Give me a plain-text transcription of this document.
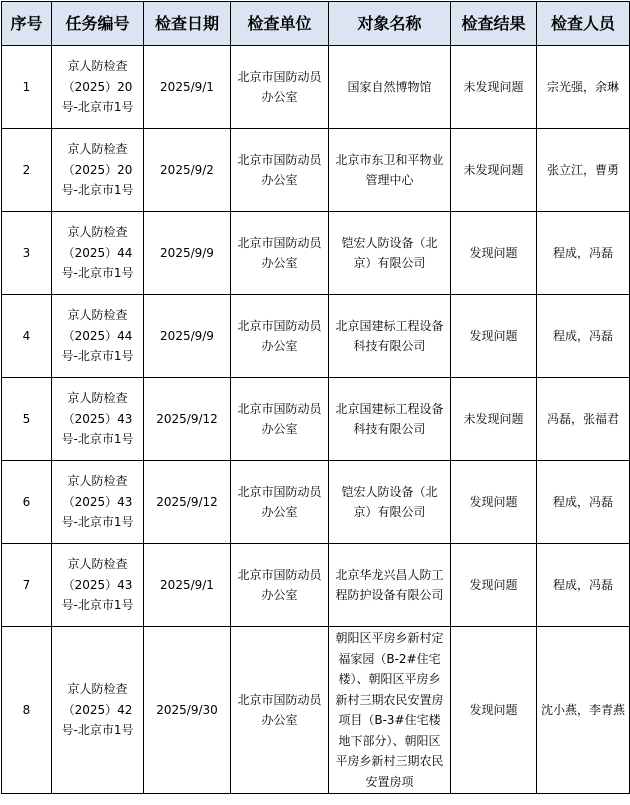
序号	任务编号	检查日期	检查单位	对象名称	检查结果	检查人员
1	京人防检查（2025）20号-北京市1号	2025/9/1	北京市国防动员办公室	国家自然博物馆	未发现问题	宗光强，余琳
2	京人防检查（2025）20号-北京市1号	2025/9/2	北京市国防动员办公室	北京市东卫和平物业管理中心	未发现问题	张立江，曹勇
3	京人防检查（2025）44号-北京市1号	2025/9/9	北京市国防动员办公室	铠宏人防设备（北京）有限公司	发现问题	程成，冯磊
4	京人防检查（2025）44号-北京市1号	2025/9/9	北京市国防动员办公室	北京国建标工程设备科技有限公司	发现问题	程成，冯磊
5	京人防检查（2025）43号-北京市1号	2025/9/12	北京市国防动员办公室	北京国建标工程设备科技有限公司	未发现问题	冯磊，张福君
6	京人防检查（2025）43号-北京市1号	2025/9/12	北京市国防动员办公室	铠宏人防设备（北京）有限公司	发现问题	程成，冯磊
7	京人防检查（2025）43号-北京市1号	2025/9/1	北京市国防动员办公室	北京华龙兴昌人防工程防护设备有限公司	发现问题	程成，冯磊
8	京人防检查（2025）42号-北京市1号	2025/9/30	北京市国防动员办公室	朝阳区平房乡新村定福家园（B-2#住宅楼）、朝阳区平房乡新村三期农民安置房项目（B-3#住宅楼地下部分）、朝阳区平房乡新村三期农民安置房项	发现问题	沈小燕，李青燕
